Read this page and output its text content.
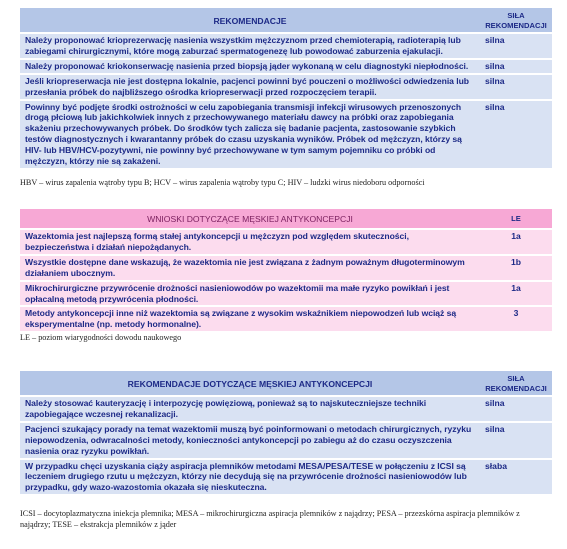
REKOMENDACJE	SIŁA REKOMENDACJI
Należy proponować krioprezerwację nasienia wszystkim mężczyznom przed chemioterapią, radioterapią lub zabiegami chirurgicznymi, które mogą zaburzać spermatogenezę lub powodować zaburzenia ejakulacji.	silna
Należy proponować kriokonserwację nasienia przed biopsją jąder wykonaną w celu diagnostyki niepłodności.	silna
Jeśli kriopreserwacja nie jest dostępna lokalnie, pacjenci powinni być pouczeni o możliwości odwiedzenia lub przesłania próbek do najbliższego ośrodka kriopreserwacji przed rozpoczęciem terapii.	silna
Powinny być podjęte środki ostrożności w celu zapobiegania transmisji infekcji wirusowych przenoszonych drogą płciową lub jakichkolwiek innych z przechowywanego materiału dawcy na próbki oraz zapobiegania skażeniu przechowywanych próbek. Do środków tych zalicza się badanie pacjenta, zastosowanie szybkich testów diagnostycznych i kwarantanny próbek do czasu uzyskania wyników. Próbek od mężczyzn, którzy są HIV- lub HBV/HCV-pozytywni, nie powinny być przechowywane w tym samym pojemniku co próbki od mężczyzn, którzy nie są zakażeni.	silna
HBV – wirus zapalenia wątroby typu B; HCV – wirus zapalenia wątroby typu C; HIV – ludzki wirus niedoboru odporności
WNIOSKI DOTYCZĄCE MĘSKIEJ ANTYKONCEPCJI	LE
Wazektomia jest najlepszą formą stałej antykoncepcji u mężczyzn pod względem skuteczności, bezpieczeństwa i działań niepożądanych.	1a
Wszystkie dostępne dane wskazują, że wazektomia nie jest związana z żadnym poważnym długoterminowym działaniem ubocznym.	1b
Mikrochirurgiczne przywrócenie drożności nasieniowodów po wazektomii ma małe ryzyko powikłań i jest opłacalną metodą przywrócenia płodności.	1a
Metody antykoncepcji inne niż wazektomia są związane z wysokim wskaźnikiem niepowodzeń lub wciąż są eksperymentalne (np. metody hormonalne).	3
LE – poziom wiarygodności dowodu naukowego
REKOMENDACJE DOTYCZĄCE MĘSKIEJ ANTYKONCEPCJI	SIŁA REKOMENDACJI
Należy stosować kauteryzację i interpozycję powięziową, ponieważ są to najskuteczniejsze techniki zapobiegające wczesnej rekanalizacji.	silna
Pacjenci szukający porady na temat wazektomii muszą być poinformowani o metodach chirurgicznych, ryzyku niepowodzenia, odwracalności metody, konieczności antykoncepcji po zabiegu aż do czasu oczyszczenia nasienia oraz ryzyku powikłań.	silna
W przypadku chęci uzyskania ciąży aspiracja plemników metodami MESA/PESA/TESE w połączeniu z ICSI są leczeniem drugiego rzutu u mężczyzn, którzy nie decydują się na przywrócenie drożności nasieniowodów lub przypadku, gdy wazo-wazostomia okazała się nieskuteczna.	słaba
ICSI – docytoplazmatyczna iniekcja plemnika; MESA – mikrochirurgiczna aspiracja plemników z najądrzy; PESA – przezskórna aspiracja plemników z najądrzy; TESE – ekstrakcja plemników z jąder
